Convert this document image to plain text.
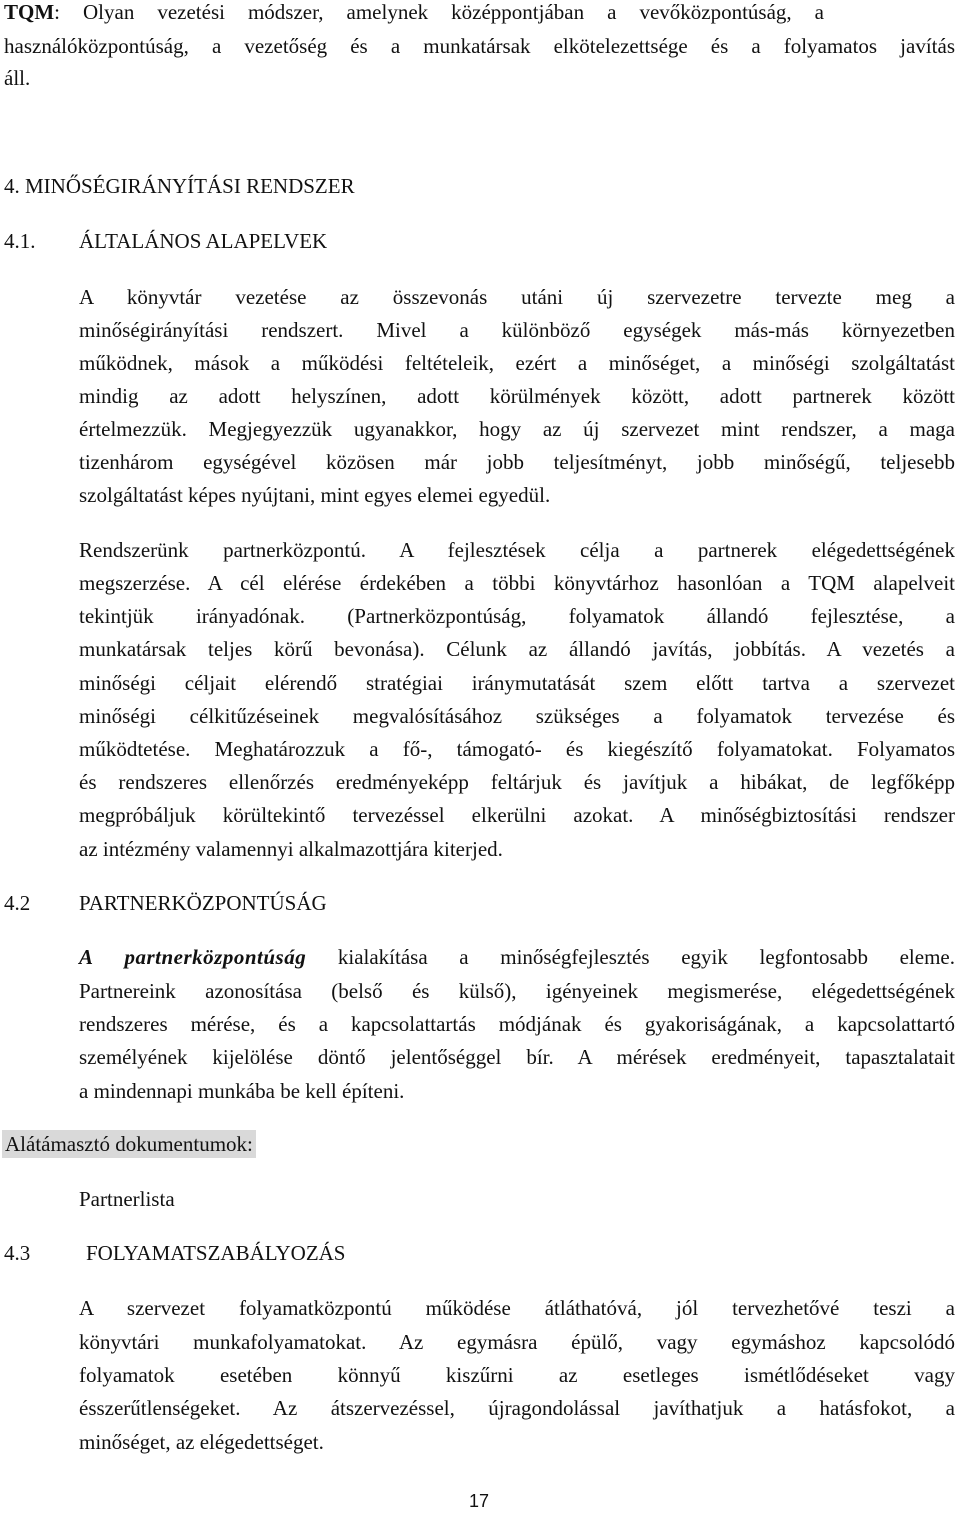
TQM: Olyan vezetési módszer, amelynek középpontjában a vevőközpontúság, a
használóközpontúság, a vezetőség és a munkatársak elkötelezettsége és a folyamatos javítás
áll.
4. MINŐSÉGIRÁNYÍTÁSI RENDSZER
4.1. ÁLTALÁNOS ALAPELVEK
A könyvtár vezetése az összevonás utáni új szervezetre tervezte meg a
minőségirányítási rendszert. Mivel a különböző egységek más-más környezetben
működnek, mások a működési feltételeik, ezért a minőséget, a minőségi szolgáltatást
mindig az adott helyszínen, adott körülmények között, adott partnerek között
értelmezzük. Megjegyezzük ugyanakkor, hogy az új szervezet mint rendszer, a maga
tizenhárom egységével közösen már jobb teljesítményt, jobb minőségű, teljesebb
szolgáltatást képes nyújtani, mint egyes elemei egyedül.
Rendszerünk partnerközpontú. A fejlesztések célja a partnerek elégedettségének
megszerzése. A cél elérése érdekében a többi könyvtárhoz hasonlóan a TQM alapelveit
tekintjük irányadónak. (Partnerközpontúság, folyamatok állandó fejlesztése, a
munkatársak teljes körű bevonása). Célunk az állandó javítás, jobbítás. A vezetés a
minőségi céljait elérendő stratégiai iránymutatását szem előtt tartva a szervezet
minőségi célkitűzéseinek megvalósításához szükséges a folyamatok tervezése és
működtetése. Meghatározzuk a fő-, támogató- és kiegészítő folyamatokat. Folyamatos
és rendszeres ellenőrzés eredményeképp feltárjuk és javítjuk a hibákat, de legfőképp
megpróbáljuk körültekintő tervezéssel elkerülni azokat. A minőségbiztosítási rendszer
az intézmény valamennyi alkalmazottjára kiterjed.
4.2 PARTNERKÖZPONTÚSÁG
A partnerközpontúság kialakítása a minőségfejlesztés egyik legfontosabb eleme.
Partnereink azonosítása (belső és külső), igényeinek megismerése, elégedettségének
rendszeres mérése, és a kapcsolattartás módjának és gyakoriságának, a kapcsolattartó
személyének kijelölése döntő jelentőséggel bír. A mérések eredményeit, tapasztalatait
a mindennapi munkába be kell építeni.
Alátámasztó dokumentumok:
Partnerlista
4.3	FOLYAMATSZABÁLYOZÁS
A szervezet folyamatközpontú működése átláthatóvá, jól tervezhetővé teszi a
könyvtári munkafolyamatokat. Az egymásra épülő, vagy egymáshoz kapcsolódó
folyamatok esetében könnyű kiszűrni az esetleges ismétlődéseket vagy
ésszerűtlenségeket. Az átszervezéssel, újragondolással javíthatjuk a hatásfokot, a
minőséget, az elégedettséget.
17
